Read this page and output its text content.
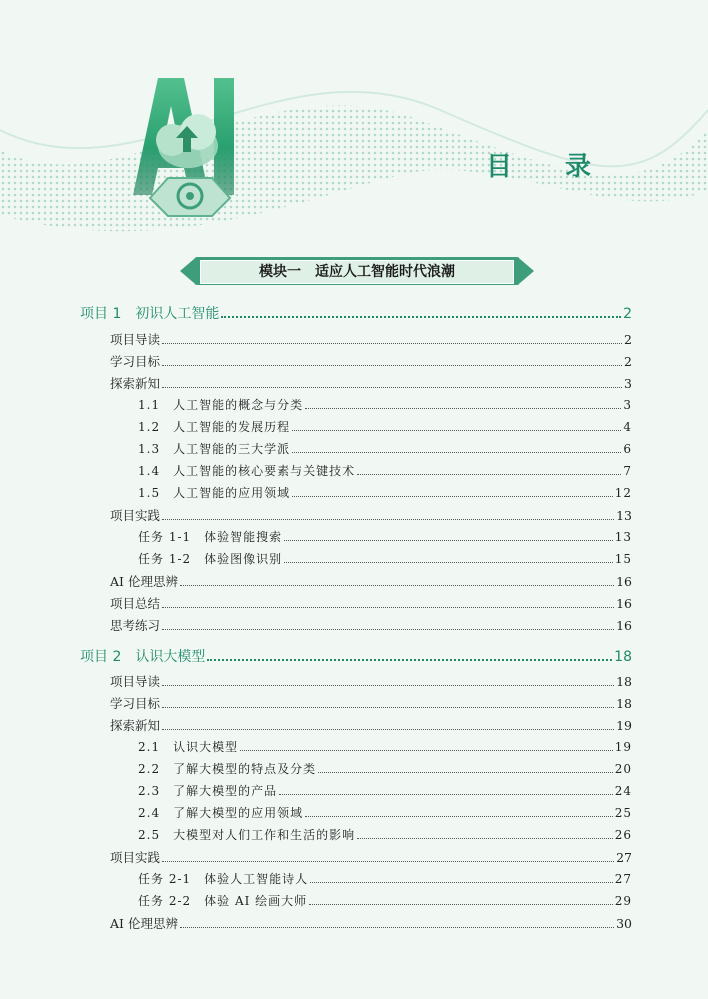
目 录
模块一　适应人工智能时代浪潮
项目 1　初识人工智能	2
项目导读	2
学习目标	2
探索新知	3
1.1　人工智能的概念与分类	3
1.2　人工智能的发展历程	4
1.3　人工智能的三大学派	6
1.4　人工智能的核心要素与关键技术	7
1.5　人工智能的应用领域	12
项目实践	13
任务 1-1　体验智能搜索	13
任务 1-2　体验图像识别	15
AI 伦理思辨	16
项目总结	16
思考练习	16
项目 2　认识大模型	18
项目导读	18
学习目标	18
探索新知	19
2.1　认识大模型	19
2.2　了解大模型的特点及分类	20
2.3　了解大模型的产品	24
2.4　了解大模型的应用领域	25
2.5　大模型对人们工作和生活的影响	26
项目实践	27
任务 2-1　体验人工智能诗人	27
任务 2-2　体验 AI 绘画大师	29
AI 伦理思辨	30
